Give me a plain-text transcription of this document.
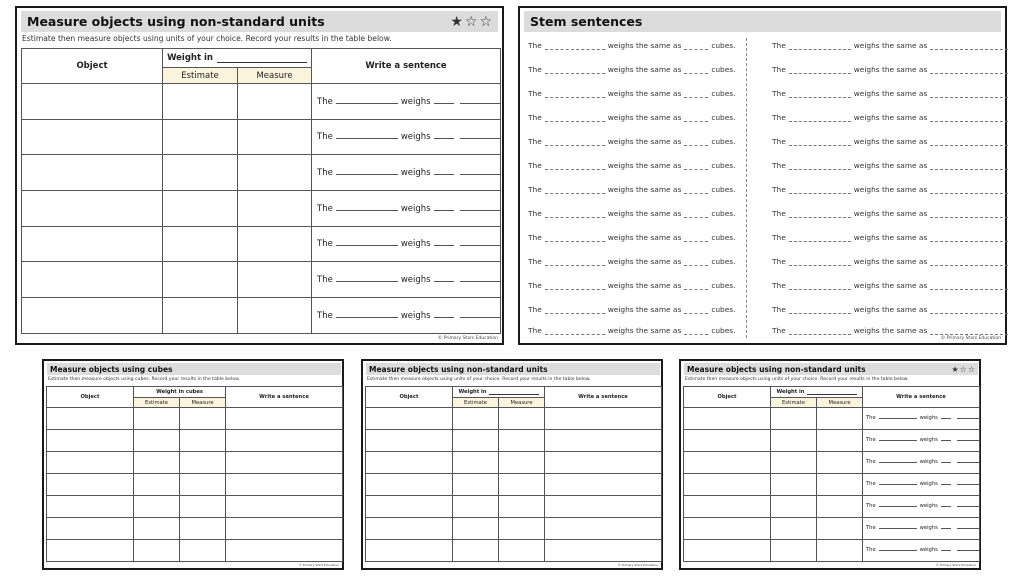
Measure objects using non-standard units	★ ☆ ☆
Estimate then measure objects using units of your choice. Record your results in the table below.
Object	Weight in		Write a sentence
	Estimate	Measure	
			The weighs
			The weighs
			The weighs
			The weighs
			The weighs
			The weighs
			The weighs
© Primary Stars Education
Stem sentences
The	weighs the same as	cubes.
The	weighs the same as	cubes.
The	weighs the same as	cubes.
The	weighs the same as	cubes.
The	weighs the same as	cubes.
The	weighs the same as	cubes.
The	weighs the same as	cubes.
The	weighs the same as	cubes.
The	weighs the same as	cubes.
The	weighs the same as	cubes.
The	weighs the same as	cubes.
The	weighs the same as	cubes.
The	weighs the same as	cubes.
The	weighs the same as
The	weighs the same as
The	weighs the same as
The	weighs the same as
The	weighs the same as
The	weighs the same as
The	weighs the same as
The	weighs the same as
The	weighs the same as
The	weighs the same as
The	weighs the same as
The	weighs the same as
The	weighs the same as
© Primary Stars Education
Measure objects using cubes
Estimate then measure objects using cubes. Record your results in the table below.
Object	Weight in cubes		Write a sentence
	Estimate	Measure	

© Primary Stars Education
Measure objects using non-standard units
Estimate then measure objects using units of your choice. Record your results in the table below.
Object	Weight in		Write a sentence
	Estimate	Measure	

© Primary Stars Education
Measure objects using non-standard units	★ ☆ ☆
Estimate then measure objects using units of your choice. Record your results in the table below.
Object	Weight in		Write a sentence
	Estimate	Measure	
			The weighs
			The weighs
			The weighs
			The weighs
			The weighs
			The weighs
			The weighs
© Primary Stars Education
